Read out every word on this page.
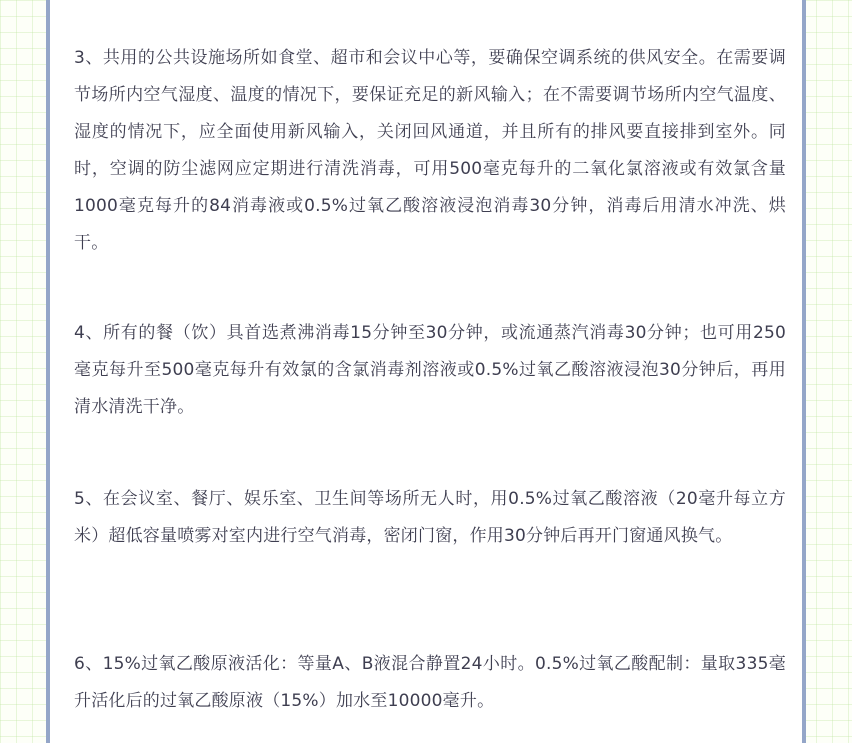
3、共用的公共设施场所如食堂、超市和会议中心等，要确保空调系统的供风安全。在需要调节场所内空气湿度、温度的情况下，要保证充足的新风输入；在不需要调节场所内空气温度、湿度的情况下，应全面使用新风输入，关闭回风通道，并且所有的排风要直接排到室外。同时，空调的防尘滤网应定期进行清洗消毒，可用500毫克每升的二氧化氯溶液或有效氯含量1000毫克每升的84消毒液或0.5%过氧乙酸溶液浸泡消毒30分钟，消毒后用清水冲洗、烘干。

4、所有的餐（饮）具首选煮沸消毒15分钟至30分钟，或流通蒸汽消毒30分钟；也可用250毫克每升至500毫克每升有效氯的含氯消毒剂溶液或0.5%过氧乙酸溶液浸泡30分钟后，再用清水清洗干净。

5、在会议室、餐厅、娱乐室、卫生间等场所无人时，用0.5%过氧乙酸溶液（20毫升每立方米）超低容量喷雾对室内进行空气消毒，密闭门窗，作用30分钟后再开门窗通风换气。

6、15%过氧乙酸原液活化：等量A、B液混合静置24小时。0.5%过氧乙酸配制：量取335毫升活化后的过氧乙酸原液（15%）加水至10000毫升。
